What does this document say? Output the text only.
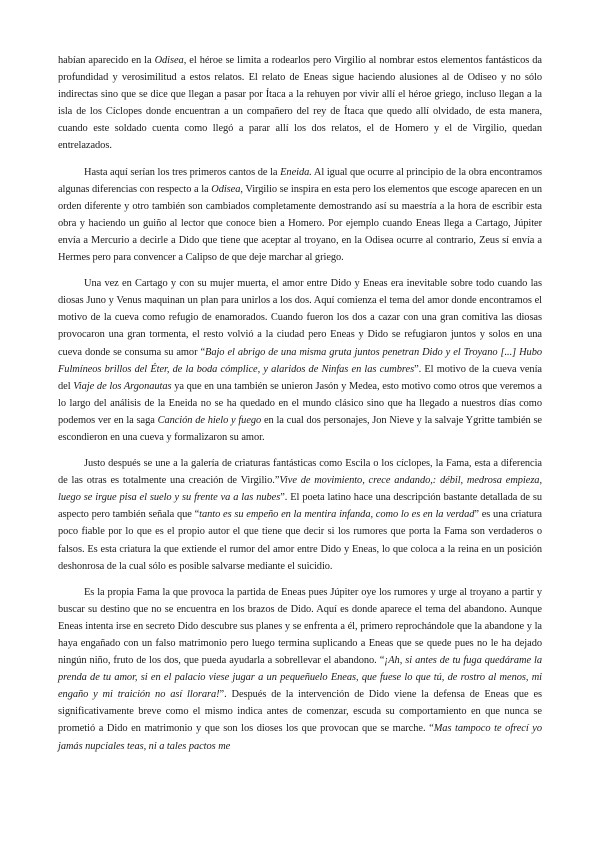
habían aparecido en la Odisea, el héroe se limita a rodearlos pero Virgilio al nombrar estos elementos fantásticos da profundidad y verosimilitud a estos relatos. El relato de Eneas sigue haciendo alusiones al de Odiseo y no sólo indirectas sino que se dice que llegan a pasar por Ítaca a la rehuyen por vivir allí el héroe griego, incluso llegan a la isla de los Cíclopes donde encuentran a un compañero del rey de Ítaca que quedo allí olvidado, de esta manera, cuando este soldado cuenta como llegó a parar allí los dos relatos, el de Homero y el de Virgilio, quedan entrelazados.

Hasta aquí serían los tres primeros cantos de la Eneida. Al igual que ocurre al principio de la obra encontramos algunas diferencias con respecto a la Odisea, Virgilio se inspira en esta pero los elementos que escoge aparecen en un orden diferente y otro también son cambiados completamente demostrando así su maestría a la hora de escribir esta obra y haciendo un guiño al lector que conoce bien a Homero. Por ejemplo cuando Eneas llega a Cartago, Júpiter envía a Mercurio a decirle a Dido que tiene que aceptar al troyano, en la Odisea ocurre al contrario, Zeus sí envía a Hermes pero para convencer a Calipso de que deje marchar al griego.

Una vez en Cartago y con su mujer muerta, el amor entre Dido y Eneas era inevitable sobre todo cuando las diosas Juno y Venus maquinan un plan para unirlos a los dos. Aquí comienza el tema del amor donde encontramos el motivo de la cueva como refugio de enamorados. Cuando fueron los dos a cazar con una gran comitiva las diosas provocaron una gran tormenta, el resto volvió a la ciudad pero Eneas y Dido se refugiaron juntos y solos en una cueva donde se consuma su amor “Bajo el abrigo de una misma gruta juntos penetran Dido y el Troyano [...] Hubo Fulmíneos brillos del Éter, de la boda cómplice, y alaridos de Ninfas en las cumbres”. El motivo de la cueva venía del Viaje de los Argonautas ya que en una también se unieron Jasón y Medea, esto motivo como otros que veremos a lo largo del análisis de la Eneida no se ha quedado en el mundo clásico sino que ha llegado a nuestros días como podemos ver en la saga Canción de hielo y fuego en la cual dos personajes, Jon Nieve y la salvaje Ygritte también se escondieron en una cueva y formalizaron su amor.

Justo después se une a la galería de criaturas fantásticas como Escila o los cíclopes, la Fama, esta a diferencia de las otras es totalmente una creación de Virgilio.”Vive de movimiento, crece andando,: débil, medrosa empieza, luego se irgue pisa el suelo y su frente va a las nubes”. El poeta latino hace una descripción bastante detallada de su aspecto pero también señala que “tanto es su empeño en la mentira infanda, como lo es en la verdad” es una criatura poco fiable por lo que es el propio autor el que tiene que decir si los rumores que porta la Fama son verdaderos o falsos. Es esta criatura la que extiende el rumor del amor entre Dido y Eneas, lo que coloca a la reina en un posición deshonrosa de la cual sólo es posible salvarse mediante el suicidio.

Es la propia Fama la que provoca la partida de Eneas pues Júpiter oye los rumores y urge al troyano a partir y buscar su destino que no se encuentra en los brazos de Dido. Aquí es donde aparece el tema del abandono. Aunque Eneas intenta irse en secreto Dido descubre sus planes y se enfrenta a él, primero reprochándole que la abandone y la haya engañado con un falso matrimonio pero luego termina suplicando a Eneas que se quede pues no le ha dejado ningún niño, fruto de los dos, que pueda ayudarla a sobrellevar el abandono. “¡Ah, si antes de tu fuga quedárame la prenda de tu amor, si en el palacio viese jugar a un pequeñuelo Eneas, que fuese lo que tú, de rostro al menos, mi engaño y mi traición no así llorara!”. Después de la intervención de Dido viene la defensa de Eneas que es significativamente breve como el mismo indica antes de comenzar, escuda su comportamiento en que nunca se prometió a Dido en matrimonio y que son los dioses los que provocan que se marche. “Mas tampoco te ofrecí yo jamás nupciales teas, ni a tales pactos me
